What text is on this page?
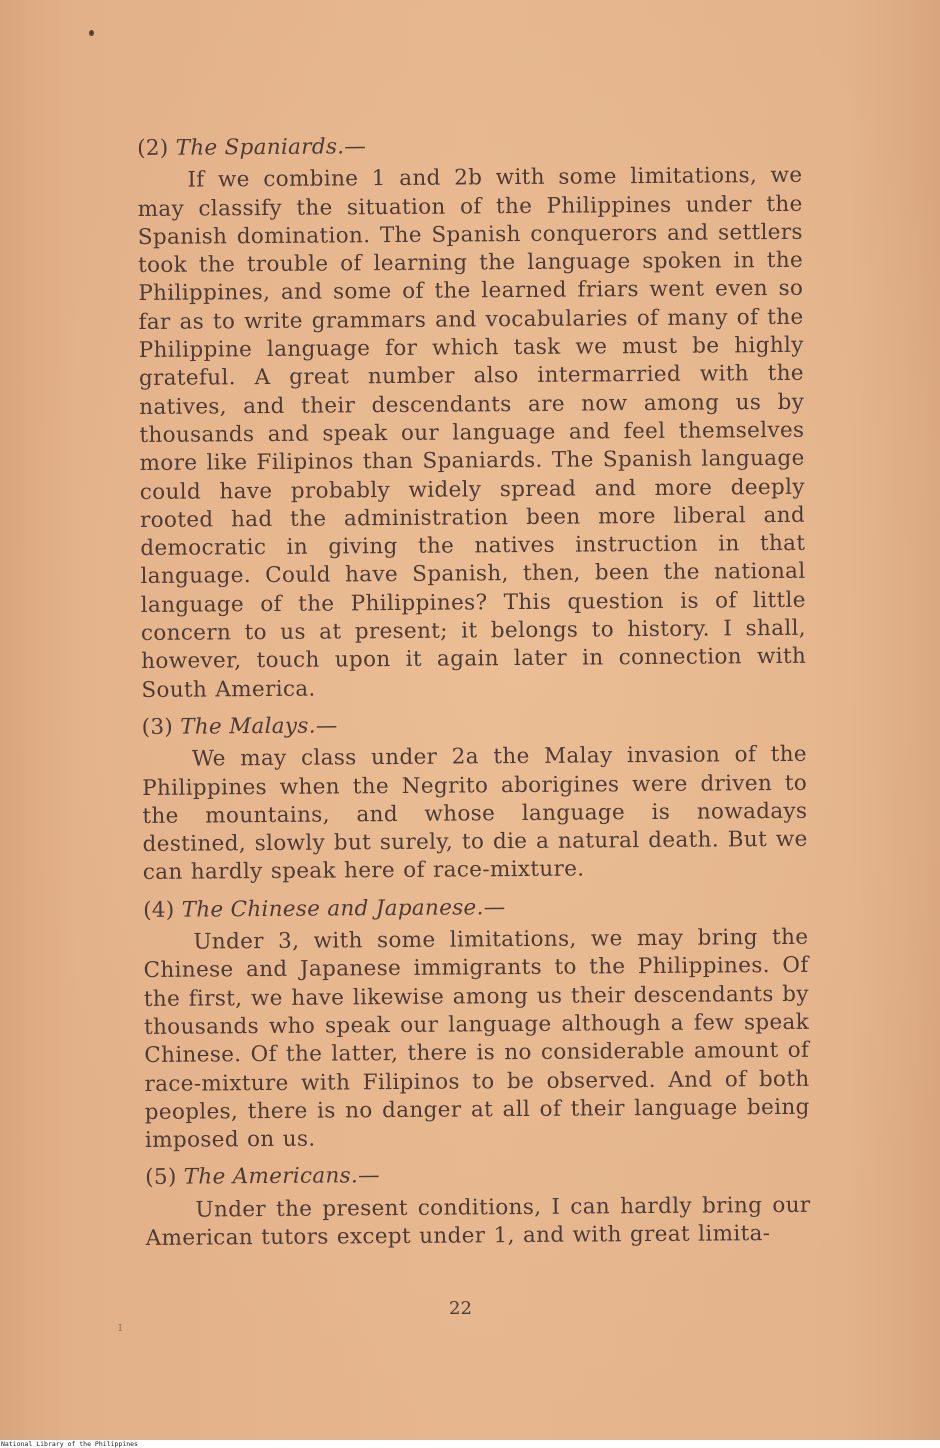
(2) The Spaniards.—

If we combine 1 and 2b with some limitations, we may classify the situation of the Philippines under the Spanish domination. The Spanish conquerors and settlers took the trouble of learning the language spoken in the Philippines, and some of the learned friars went even so far as to write grammars and vocabularies of many of the Philippine language for which task we must be highly grateful. A great number also intermarried with the natives, and their descendants are now among us by thousands and speak our language and feel themselves more like Filipinos than Spaniards. The Spanish language could have probably widely spread and more deeply rooted had the administration been more liberal and democratic in giving the natives instruction in that language. Could have Spanish, then, been the national language of the Philippines? This question is of little concern to us at present; it belongs to history. I shall, however, touch upon it again later in connection with South America.

(3) The Malays.—

We may class under 2a the Malay invasion of the Philippines when the Negrito aborigines were driven to the mountains, and whose language is nowadays destined, slowly but surely, to die a natural death. But we can hardly speak here of race-mixture.

(4) The Chinese and Japanese.—

Under 3, with some limitations, we may bring the Chinese and Japanese immigrants to the Philippines. Of the first, we have likewise among us their descendants by thousands who speak our language although a few speak Chinese. Of the latter, there is no considerable amount of race-mixture with Filipinos to be observed. And of both peoples, there is no danger at all of their language being imposed on us.

(5) The Americans.—

Under the present conditions, I can hardly bring our American tutors except under 1, and with great limita-

22
ɪ
National Library of the Philippines
